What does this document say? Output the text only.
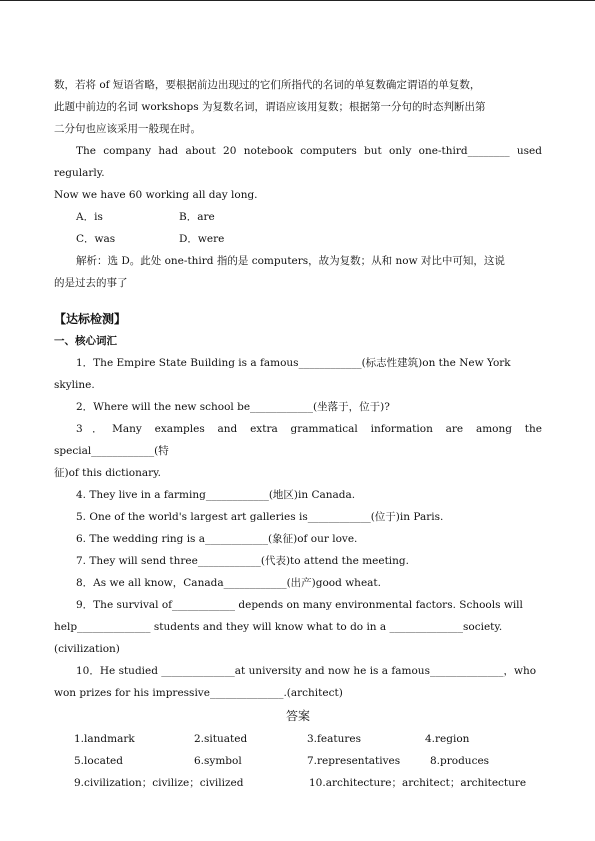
数，若将 of 短语省略，要根据前边出现过的它们所指代的名词的单复数确定谓语的单复数，

此题中前边的名词 workshops 为复数名词，谓语应该用复数；根据第一分句的时态判断出第

二分句也应该采用一般现在时。

The company had about 20 notebook computers but only one-third________ used regularly.

Now we have 60 working all day long.

A．is	B．are
C．was	D．were

解析：选 D。此处 one-third 指的是 computers，故为复数；从和 now 对比中可知，这说

的是过去的事了

【达标检测】

一、核心词汇

1．The Empire State Building is a famous____________(标志性建筑)on the New York

skyline.

2．Where will the new school be____________(坐落于，位于)?

3．Many examples and extra grammatical information are among the special____________(特

征)of this dictionary.

4. They live in a farming____________(地区)in Canada.

5. One of the world's largest art galleries is____________(位于)in Paris.

6. The wedding ring is a____________(象征)of our love.

7. They will send three____________(代表)to attend the meeting.

8．As we all know，Canada____________(出产)good wheat.

9．The survival of____________ depends on many environmental factors. Schools will

help______________ students and they will know what to do in a ______________society.

(civilization)

10．He studied ______________at university and now he is a famous______________，who

won prizes for his impressive______________.(architect)

答案

1.landmark	2.situated	3.features	4.region
5.located	6.symbol	7.representatives	8.produces
9.civilization；civilize；civilized	10.architecture；architect；architecture
